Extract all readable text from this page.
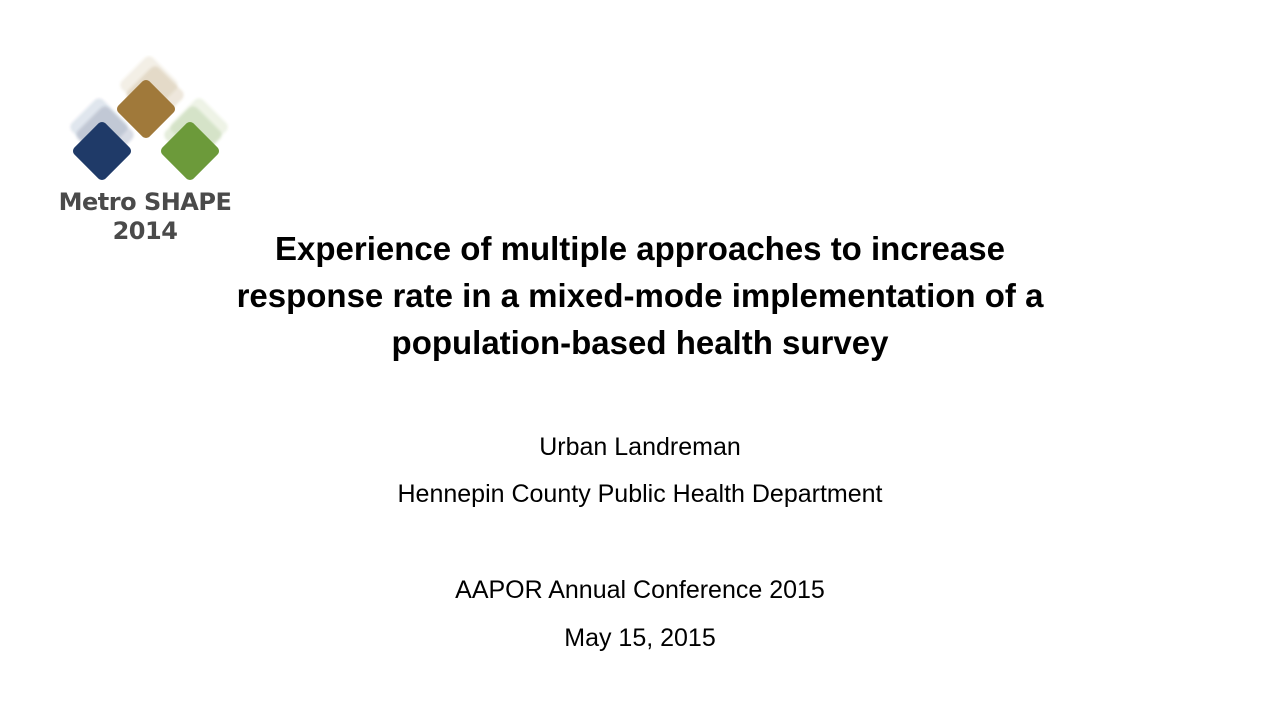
Metro SHAPE
2014	Experience of multiple approaches to increase
response rate in a mixed-mode implementation of a
population-based health survey
Urban Landreman
Hennepin County Public Health Department
AAPOR Annual Conference 2015
May 15, 2015
